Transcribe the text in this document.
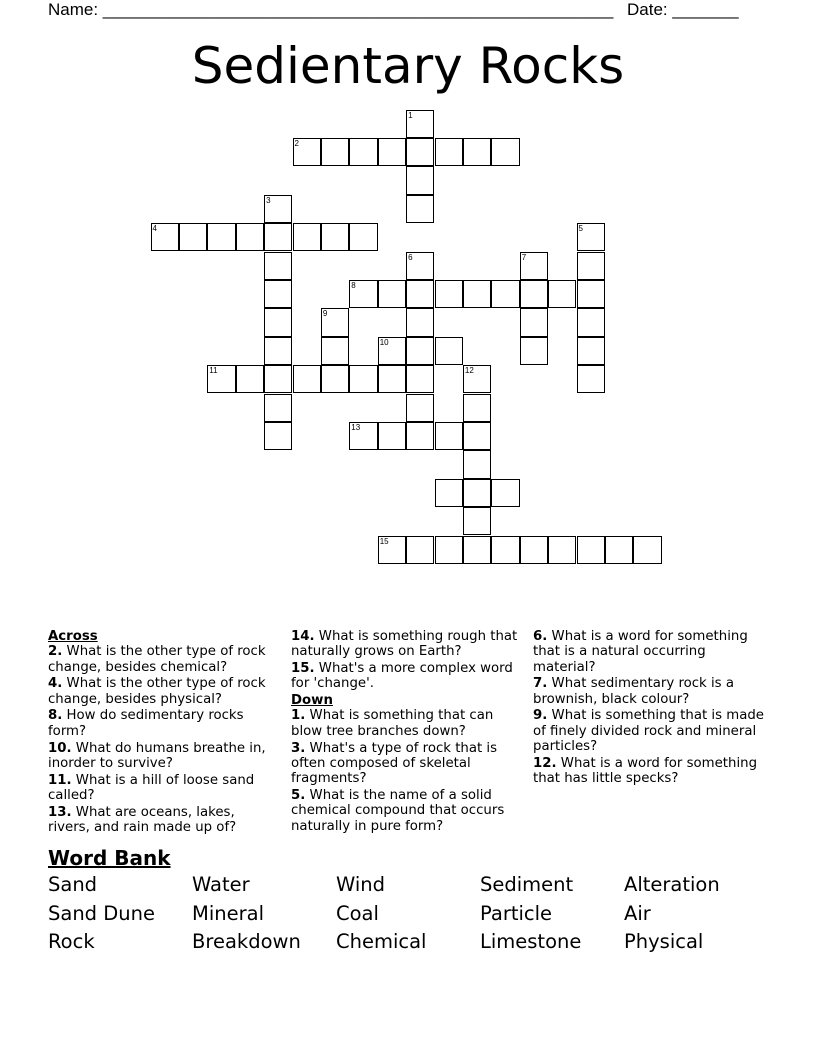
Name: ______________________________________________________ Date: _______
Sedientary Rocks
1
2
3
4	5
6	7
8
9
10
11	12
13
15
Across
2. What is the other type of rock change, besides chemical?
4. What is the other type of rock change, besides physical?
8. How do sedimentary rocks form?
10. What do humans breathe in, inorder to survive?
11. What is a hill of loose sand called?
13. What are oceans, lakes, rivers, and rain made up of?
14. What is something rough that naturally grows on Earth?
15. What's a more complex word for 'change'.
Down
1. What is something that can blow tree branches down?
3. What's a type of rock that is often composed of skeletal fragments?
5. What is the name of a solid chemical compound that occurs naturally in pure form?
6. What is a word for something that is a natural occurring material?
7. What sedimentary rock is a brownish, black colour?
9. What is something that is made of finely divided rock and mineral particles?
12. What is a word for something that has little specks?
Word Bank
Sand	Water	Wind	Sediment	Alteration
Sand Dune	Mineral	Coal	Particle	Air
Rock	Breakdown	Chemical	Limestone	Physical
